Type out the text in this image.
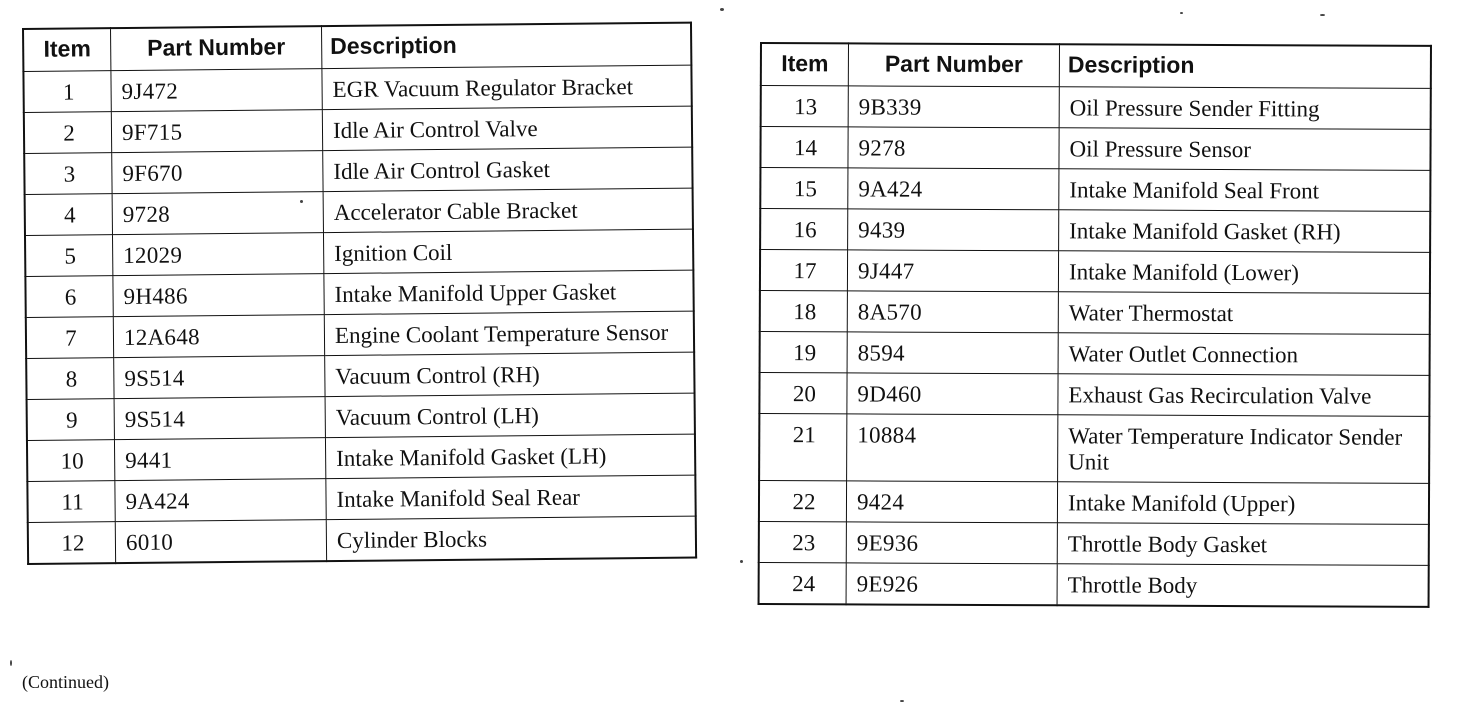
Item	Part Number	Description
1	9J472	EGR Vacuum Regulator Bracket
2	9F715	Idle Air Control Valve
3	9F670	Idle Air Control Gasket
4	9728	Accelerator Cable Bracket
5	12029	Ignition Coil
6	9H486	Intake Manifold Upper Gasket
7	12A648	Engine Coolant Temperature Sensor
8	9S514	Vacuum Control (RH)
9	9S514	Vacuum Control (LH)
10	9441	Intake Manifold Gasket (LH)
11	9A424	Intake Manifold Seal Rear
12	6010	Cylinder Blocks
Item	Part Number	Description
13	9B339	Oil Pressure Sender Fitting
14	9278	Oil Pressure Sensor
15	9A424	Intake Manifold Seal Front
16	9439	Intake Manifold Gasket (RH)
17	9J447	Intake Manifold (Lower)
18	8A570	Water Thermostat
19	8594	Water Outlet Connection
20	9D460	Exhaust Gas Recirculation Valve
21	10884	Water Temperature Indicator Sender Unit
22	9424	Intake Manifold (Upper)
23	9E936	Throttle Body Gasket
24	9E926	Throttle Body
(Continued)
